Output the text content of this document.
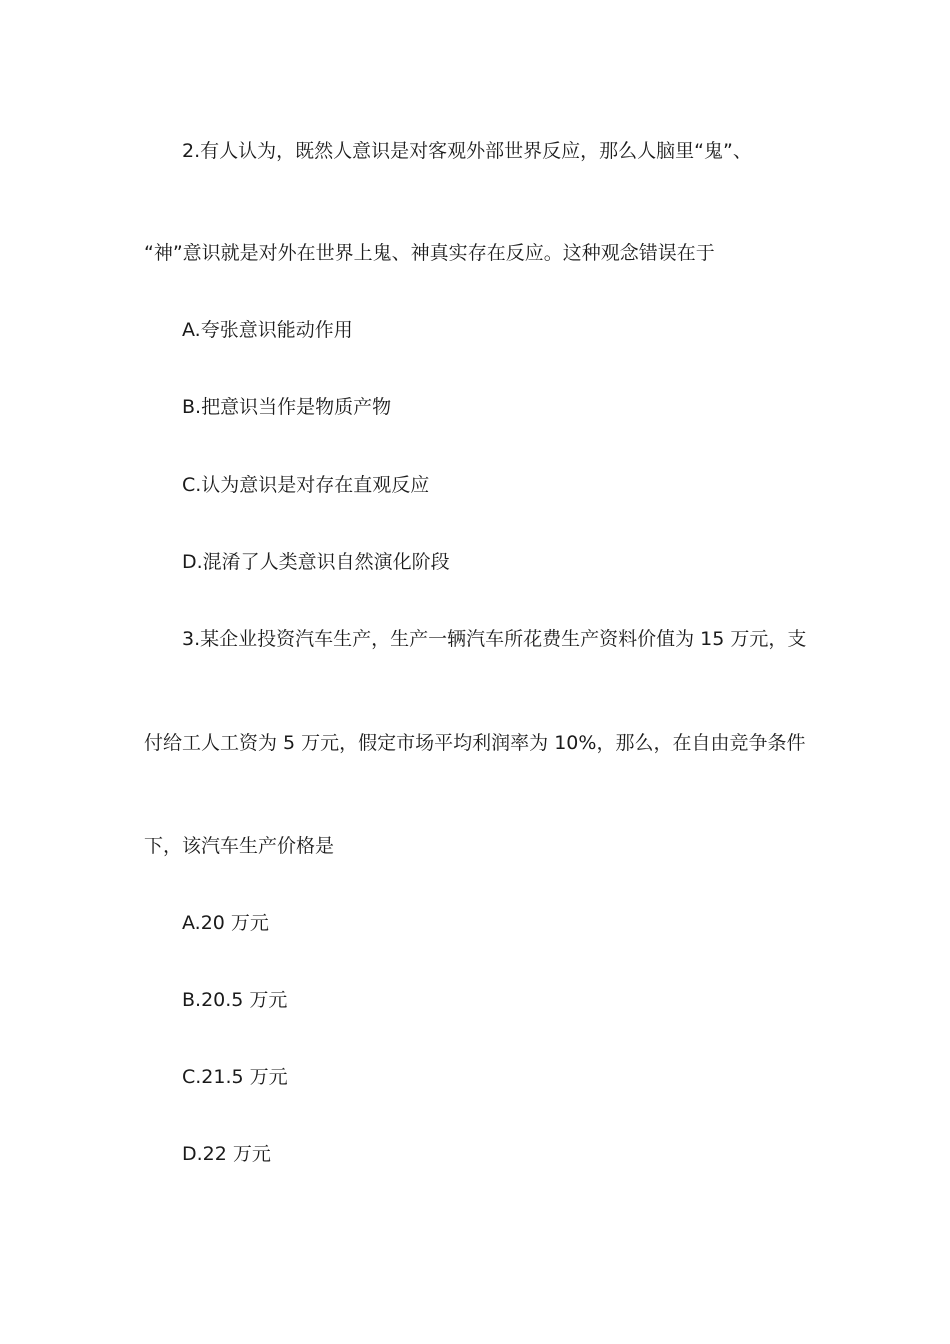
2.有人认为，既然人意识是对客观外部世界反应，那么人脑里“鬼”、

“神”意识就是对外在世界上鬼、神真实存在反应。这种观念错误在于

A.夸张意识能动作用

B.把意识当作是物质产物

C.认为意识是对存在直观反应

D.混淆了人类意识自然演化阶段

3.某企业投资汽车生产，生产一辆汽车所花费生产资料价值为 15 万元，支

付给工人工资为 5 万元，假定市场平均利润率为 10%，那么，在自由竞争条件

下，该汽车生产价格是

A.20 万元

B.20.5 万元

C.21.5 万元

D.22 万元
